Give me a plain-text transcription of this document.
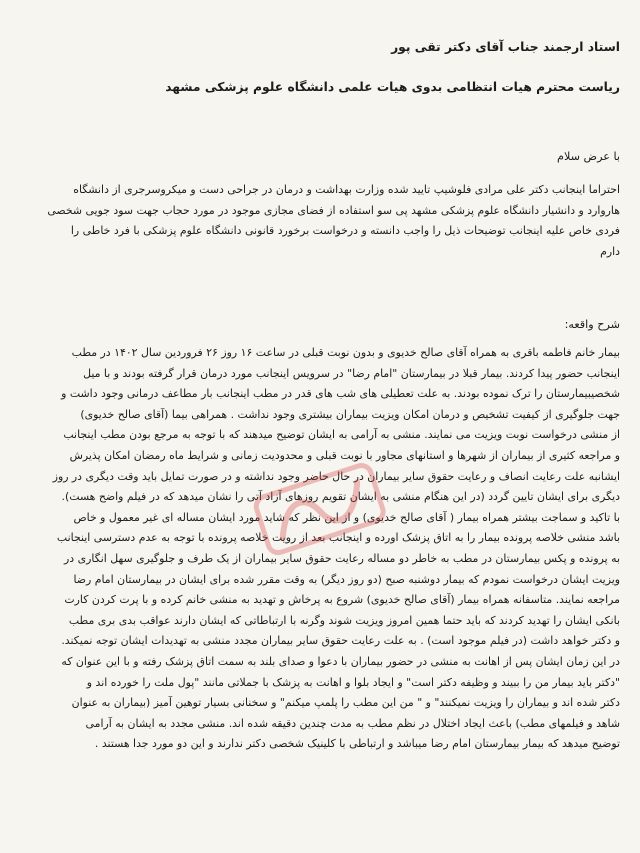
استاد ارجمند جناب آقای دکتر تقی پور
ریاست محترم هیات انتظامی بدوی هیات علمی دانشگاه علوم پزشکی مشهد
با عرض سلام
احتراما اینجانب دکتر علی مرادی فلوشیپ تایید شده وزارت بهداشت و درمان در جراحی دست و میکروسرجری از دانشگاه
هاروارد و دانشیار دانشگاه علوم پزشکی مشهد پی سو استفاده از فضای مجازی موجود در مورد حجاب جهت سود جویی شخصی
فردی خاص علیه اینجانب توضیحات ذیل را واجب دانسته و درخواست برخورد قانونی دانشگاه علوم پزشکی با فرد خاطی را
دارم
شرح واقعه:
بیمار خانم فاطمه باقری به همراه آقای صالح خدیوی و بدون نوبت قبلی در ساعت ۱۶ روز ۲۶ فروردین سال ۱۴۰۲ در مطب
اینجانب حضور پیدا کردند. بیمار قبلا در بیمارستان "امام رضا" در سرویس اینجانب مورد درمان قرار گرفته بودند و با میل
شخصیبیمارستان را ترک نموده بودند. به علت تعطیلی های شب های قدر در مطب اینجانب بار مطاعف درمانی وجود داشت و
جهت جلوگیری از کیفیت تشخیص و درمان امکان ویزیت بیماران بیشتری وجود نداشت . همراهی بیما (آقای صالح خدیوی)
از منشی درخواست نوبت ویزیت می نمایند. منشی به آرامی به ایشان توضیح میدهند که با توجه به مرجع بودن مطب اینجانب
و مراجعه کثیری از بیماران از شهرها و استانهای مجاور با نوبت قبلی و محدودیت زمانی و شرایط ماه رمضان امکان پذیرش
ایشانبه علت رعایت انصاف و رعایت حقوق سایر بیماران در حال حاضر وجود نداشته و در صورت تمایل باید وقت دیگری در روز
دیگری برای ایشان تایین گردد (در این هنگام منشی به ایشان تقویم روزهای آزاد آتی را نشان میدهد که در فیلم واضح هست).
با تاکید و سماجت بیشتر همراه بیمار ( آقای صالح خدیوی) و از این نظر که شاید مورد ایشان مساله ای غیر معمول و خاص
باشد منشی خلاصه پرونده بیمار را به اتاق پزشک اورده و اینجانب بعد از رویت خلاصه پرونده با توجه به عدم دسترسی اینجانب
به پرونده و پکس بیمارستان در مطب به خاطر دو مساله رعایت حقوق سایر بیماران از یک طرف و جلوگیری سهل انگاری در
ویزیت ایشان درخواست نمودم که بیمار دوشنبه صبح (دو روز دیگر) به وقت مقرر شده برای ایشان در بیمارستان امام رضا
مراجعه نمایند. متاسفانه همراه بیمار (آقای صالح خدیوی) شروع به پرخاش و تهدید به منشی خانم کرده و با پرت کردن کارت
بانکی ایشان را تهدید کردند که باید حتما همین امروز ویزیت شوند وگرنه با ارتباطاتی که ایشان دارند عواقب بدی بری مطب
و دکتر خواهد داشت (در فیلم موجود است) . به علت رعایت حقوق سایر بیماران مجدد منشی به تهدیدات ایشان توجه نمیکند.
در این زمان ایشان پس از اهانت به منشی در حضور بیماران با دعوا و صدای بلند به سمت اتاق پزشک رفته و با این عنوان که
"دکتر باید بیمار من را ببیند و وظیفه دکتر است" و ایجاد بلوا و اهانت به پزشک با جملاتی مانند "پول ملت را خورده اند و
دکتر شده اند و بیماران را ویزیت نمیکنند" و " من این مطب را پلمپ میکنم" و سخنانی بسیار توهین آمیز (بیماران به عنوان
شاهد و فیلمهای مطب) باعث ایجاد اختلال در نظم مطب به مدت چندین دقیقه شده اند. منشی مجدد به ایشان به آرامی
توضیح میدهد که بیمار بیمارستان امام رضا میباشد و ارتباطی با کلینیک شخصی دکتر ندارند و این دو مورد جدا هستند .
